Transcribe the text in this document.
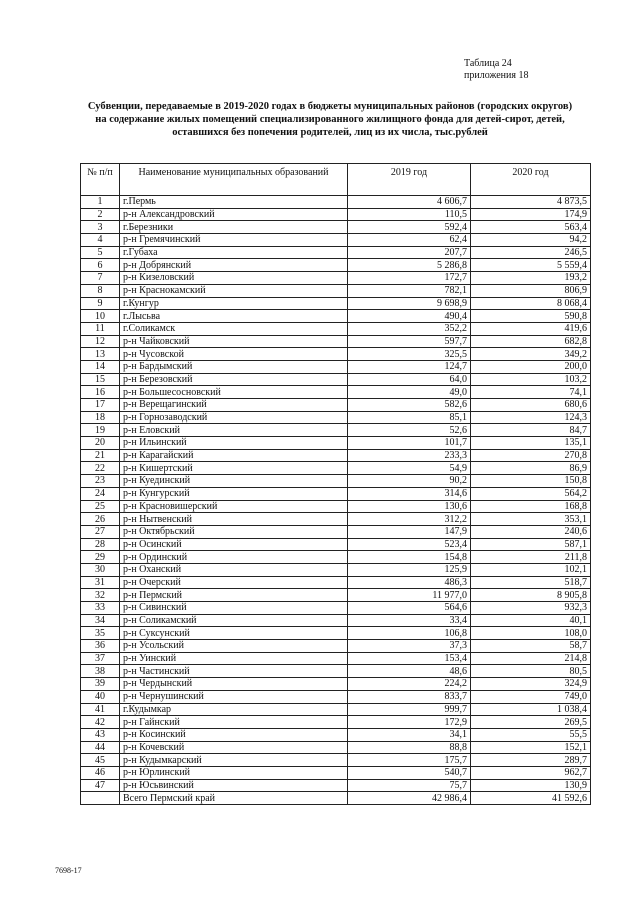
Таблица 24
приложения 18
Субвенции, передаваемые в 2019-2020 годах в бюджеты муниципальных районов (городских округов)
на содержание жилых помещений специализированного жилищного фонда для детей-сирот, детей,
оставшихся без попечения родителей, лиц из их числа, тыс.рублей
№ п/п	Наименование муниципальных образований	2019 год	2020 год
1	г.Пермь	4 606,7	4 873,5
2	р-н Александровский	110,5	174,9
3	г.Березники	592,4	563,4
4	р-н Гремячинский	62,4	94,2
5	г.Губаха	207,7	246,5
6	р-н Добрянский	5 286,8	5 559,4
7	р-н Кизеловский	172,7	193,2
8	р-н Краснокамский	782,1	806,9
9	г.Кунгур	9 698,9	8 068,4
10	г.Лысьва	490,4	590,8
11	г.Соликамск	352,2	419,6
12	р-н Чайковский	597,7	682,8
13	р-н Чусовской	325,5	349,2
14	р-н Бардымский	124,7	200,0
15	р-н Березовский	64,0	103,2
16	р-н Большесосновский	49,0	74,1
17	р-н Верещагинский	582,6	680,6
18	р-н Горнозаводский	85,1	124,3
19	р-н Еловский	52,6	84,7
20	р-н Ильинский	101,7	135,1
21	р-н Карагайский	233,3	270,8
22	р-н Кишертский	54,9	86,9
23	р-н Куединский	90,2	150,8
24	р-н Кунгурский	314,6	564,2
25	р-н Красновишерский	130,6	168,8
26	р-н Нытвенский	312,2	353,1
27	р-н Октябрьский	147,9	240,6
28	р-н Осинский	523,4	587,1
29	р-н Ординский	154,8	211,8
30	р-н Оханский	125,9	102,1
31	р-н Очерский	486,3	518,7
32	р-н Пермский	11 977,0	8 905,8
33	р-н Сивинский	564,6	932,3
34	р-н Соликамский	33,4	40,1
35	р-н Суксунский	106,8	108,0
36	р-н Усольский	37,3	58,7
37	р-н Уинский	153,4	214,8
38	р-н Частинский	48,6	80,5
39	р-н Чердынский	224,2	324,9
40	р-н Чернушинский	833,7	749,0
41	г.Кудымкар	999,7	1 038,4
42	р-н Гайнский	172,9	269,5
43	р-н Косинский	34,1	55,5
44	р-н Кочевский	88,8	152,1
45	р-н Кудымкарский	175,7	289,7
46	р-н Юрлинский	540,7	962,7
47	р-н Юсьвинский	75,7	130,9
	Всего Пермский край	42 986,4	41 592,6
7698-17
